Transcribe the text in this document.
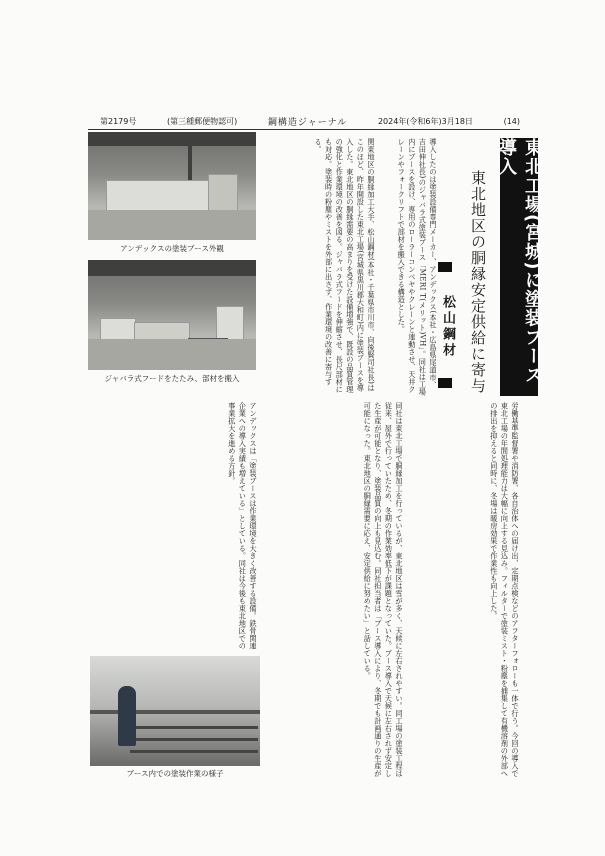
第2179号	(第三種郵便物認可)	鋼構造ジャーナル	2024年(令和6年)3月18日	(14)
アンデックスの塗装ブース外観
ジャバラ式フードをたたみ、部材を搬入
ブース内での塗装作業の様子
東北工場(宮城)に塗装ブース導入
東北地区の胴縁安定供給に寄与
松山鋼材
導入したのは塗装設備専門メーカー、アンデックス(本社・広島県尾道市、吉田伸社長)のジャバラ式塗装ブース「MERI T(メリット)VH」。同社は工場内にブースを設け、専用のローラーコンベヤやクレーンと連動させ、天井クレーンやフォークリフトで部材を搬入できる構造とした。
関東地区の胴縁加工大手、松山鋼材(本社・千葉県市川市、向後賢司社長)はこのほど、昨年開設した東北工場(宮城県黒川郡大和町)内に塗装ブースを導入した。東北地区の胴縁需要の高まりを受けた設備増強で、既設の品質管理の強化と作業環境の改善を図る。ジャバラ式フードを伸縮させ、長尺部材にも対応。塗装時の粉塵やミストを外部に出さず、作業環境の改善に寄与する。
労働基準監督署や消防署、各自治体への届け出、定期点検などのアフターフォローも一体で行う。今回の導入で東北工場の年間処理能力は大幅に向上する見込み。フィルターで塗装ミスト・粉塵を捕集して有機溶剤の外部への排出を抑えると同時に、冬場は暖房効果で作業性も向上した。
同社は東北工場で胴縁加工を行っているが、東北地区は雪が多く、天候に左右されやすい。同工場の塗装工程は従来、屋外で行っていたため、冬期の作業効率低下が課題となっていた。ブース導入で天候に左右されず安定した生産が可能となり、塗装品質の向上も見込む。同社担当者は「ブース導入により、冬期でも計画通りの生産が可能になった。東北地区の胴縁需要に応え、安定供給に努めたい」と話している。
アンデックスは「塗装ブースは作業環境を大きく改善する設備。鉄骨関連企業への導入実績も増えている」としている。同社は今後も東北地区での事業拡大を進める方針。
